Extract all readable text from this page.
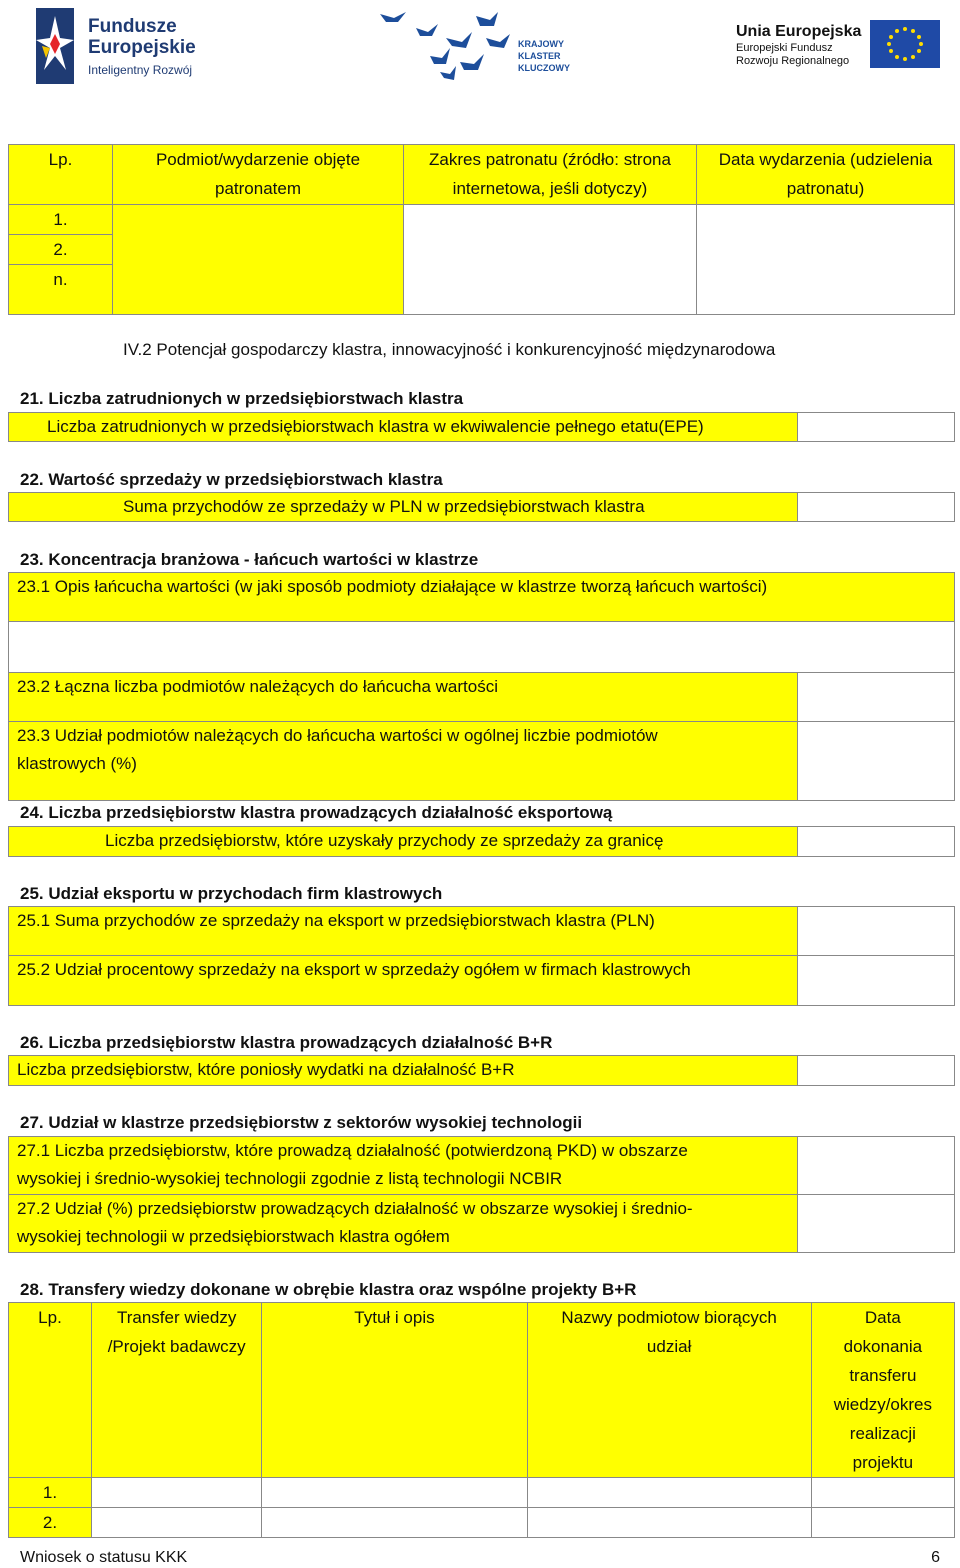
Fundusze
Europejskie
Inteligentny Rozwój
KRAJOWY
KLASTER
KLUCZOWY
Unia Europejska
Europejski Fundusz
Rozwoju Regionalnego
Lp.	Podmiot/wydarzenie objęte patronatem	Zakres patronatu (źródło: strona internetowa, jeśli dotyczy)	Data wydarzenia (udzielenia patronatu)
1.			
2.			
n.			
IV.2 Potencjał gospodarczy klastra, innowacyjność i konkurencyjność międzynarodowa
21. Liczba zatrudnionych w przedsiębiorstwach klastra
Liczba zatrudnionych w przedsiębiorstwach klastra w ekwiwalencie pełnego etatu(EPE)
22. Wartość sprzedaży w przedsiębiorstwach klastra
Suma przychodów ze sprzedaży w PLN w przedsiębiorstwach klastra
23. Koncentracja branżowa - łańcuch wartości w klastrze
23.1 Opis łańcucha wartości (w jaki sposób podmioty działające w klastrze tworzą łańcuch wartości)
23.2 Łączna liczba podmiotów należących do łańcucha wartości
23.3 Udział podmiotów należących do łańcucha wartości w ogólnej liczbie podmiotów
klastrowych (%)
24. Liczba przedsiębiorstw klastra prowadzących działalność eksportową
Liczba przedsiębiorstw, które uzyskały przychody ze sprzedaży za granicę
25. Udział eksportu w przychodach firm klastrowych
25.1 Suma przychodów ze sprzedaży na eksport w przedsiębiorstwach klastra (PLN)
25.2 Udział procentowy sprzedaży na eksport w sprzedaży ogółem w firmach klastrowych
26. Liczba przedsiębiorstw klastra prowadzących działalność B+R
Liczba przedsiębiorstw, które poniosły wydatki na działalność B+R
27. Udział w klastrze przedsiębiorstw z sektorów wysokiej technologii
27.1 Liczba przedsiębiorstw, które prowadzą działalność (potwierdzoną PKD) w obszarze
wysokiej i średnio-wysokiej technologii zgodnie z listą technologii NCBIR
27.2 Udział (%) przedsiębiorstw prowadzących działalność w obszarze wysokiej i średnio-
wysokiej technologii w przedsiębiorstwach klastra ogółem
28. Transfery wiedzy dokonane w obrębie klastra oraz wspólne projekty B+R
Lp.	Transfer wiedzy /Projekt badawczy	Tytuł i opis	Nazwy podmiotow biorących udział	Data dokonania transferu wiedzy/okres realizacji projektu
1.				
2.				
Wniosek o statusu KKK	6
